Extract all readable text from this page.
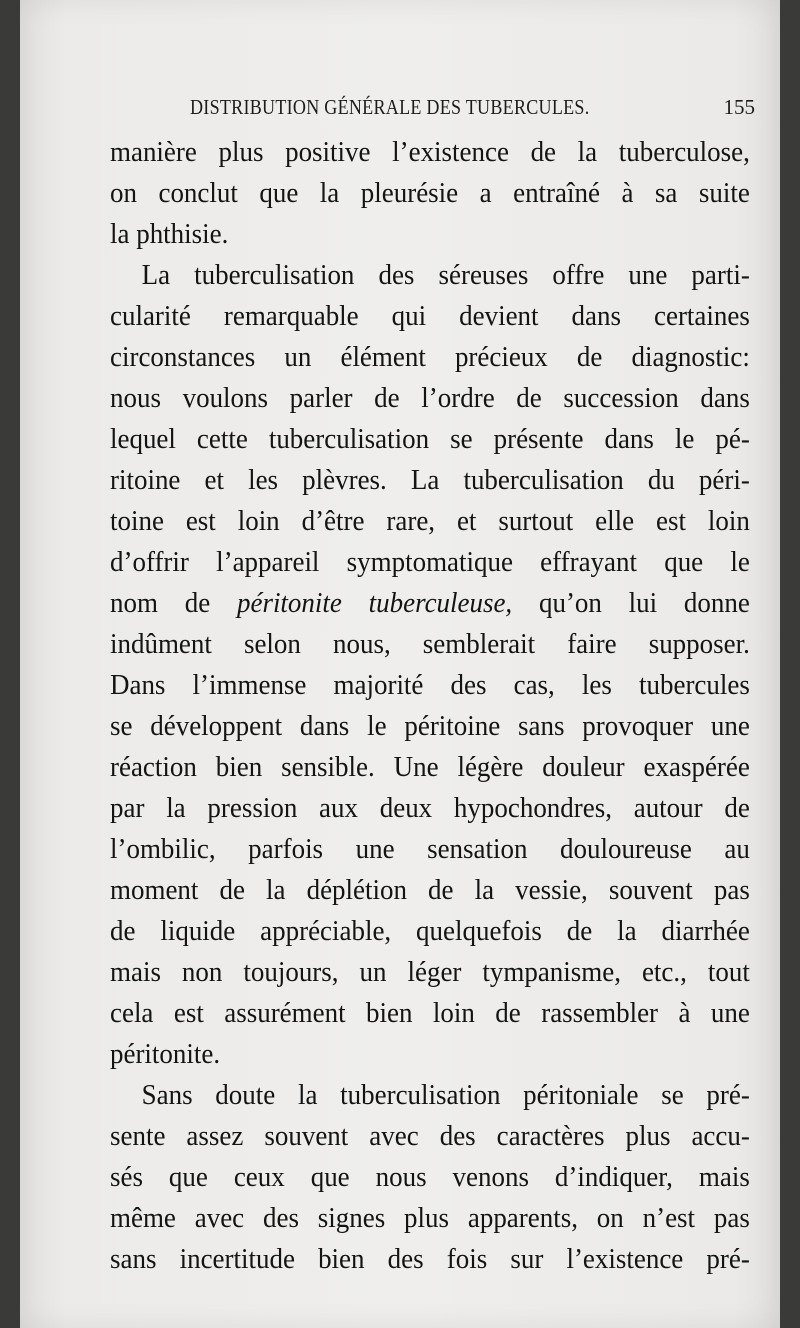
DISTRIBUTION GÉNÉRALE DES TUBERCULES.	155
manière plus positive l’existence de la tuberculose,
on conclut que la pleurésie a entraîné à sa suite
la phthisie.
La tuberculisation des séreuses offre une parti-
cularité remarquable qui devient dans certaines
circonstances un élément précieux de diagnostic:
nous voulons parler de l’ordre de succession dans
lequel cette tuberculisation se présente dans le pé-
ritoine et les plèvres. La tuberculisation du péri-
toine est loin d’être rare, et surtout elle est loin
d’offrir l’appareil symptomatique effrayant que le
nom de péritonite tuberculeuse, qu’on lui donne
indûment selon nous, semblerait faire supposer.
Dans l’immense majorité des cas, les tubercules
se développent dans le péritoine sans provoquer une
réaction bien sensible. Une légère douleur exaspérée
par la pression aux deux hypochondres, autour de
l’ombilic, parfois une sensation douloureuse au
moment de la déplétion de la vessie, souvent pas
de liquide appréciable, quelquefois de la diarrhée
mais non toujours, un léger tympanisme, etc., tout
cela est assurément bien loin de rassembler à une
péritonite.
Sans doute la tuberculisation péritoniale se pré-
sente assez souvent avec des caractères plus accu-
sés que ceux que nous venons d’indiquer, mais
même avec des signes plus apparents, on n’est pas
sans incertitude bien des fois sur l’existence pré-
